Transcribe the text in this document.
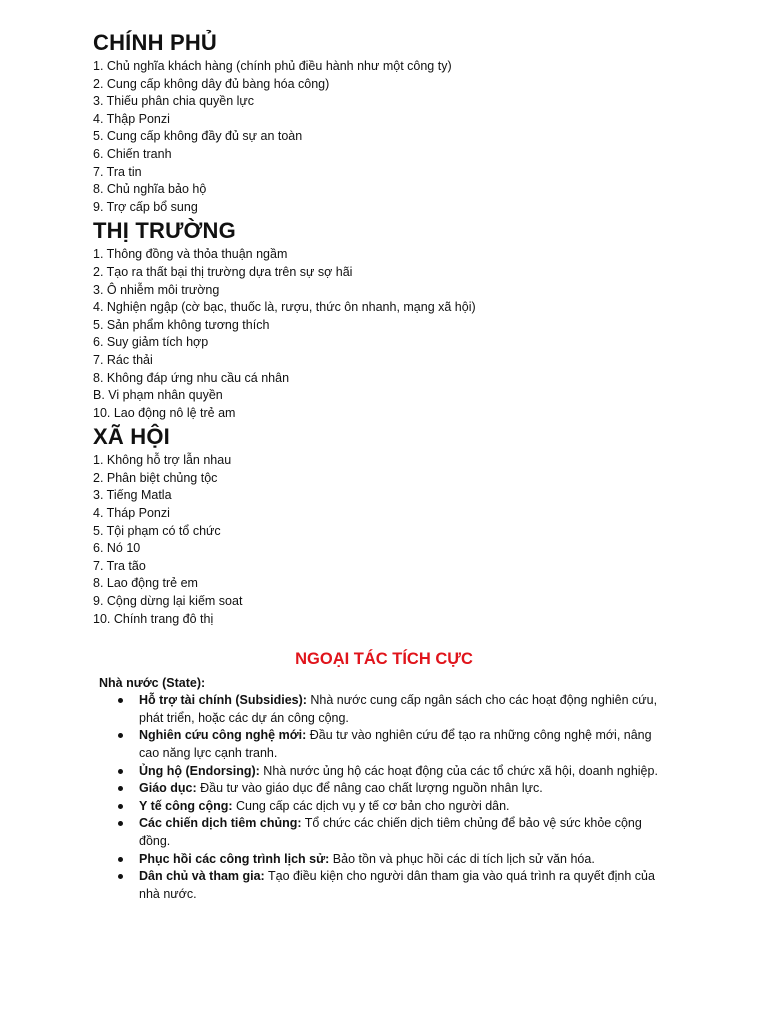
CHÍNH PHỦ
1. Chủ nghĩa khách hàng (chính phủ điều hành như một công ty)
2. Cung cấp không dây đủ bàng hóa công)
3. Thiếu phân chia quyền lực
4. Thập Ponzi
5. Cung cấp không đầy đủ sự an toàn
6. Chiến tranh
7. Tra tin
8. Chủ nghĩa bảo hộ
9. Trợ cấp bổ sung
THỊ TRƯỜNG
1. Thông đồng và thỏa thuận ngầm
2. Tạo ra thất bại thị trường dựa trên sự sợ hãi
3. Ô nhiễm môi trường
4. Nghiện ngập (cờ bạc, thuốc là, rượu, thức ôn nhanh, mạng xã hội)
5. Sản phẩm không tương thích
6. Suy giảm tích hợp
7. Rác thải
8. Không đáp ứng nhu cầu cá nhân
B. Vi phạm nhân quyền
10. Lao động nô lệ trẻ am
XÃ HỘI
1. Không hỗ trợ lẫn nhau
2. Phân biệt chủng tộc
3. Tiếng Matla
4. Tháp Ponzi
5. Tội phạm có tổ chức
6. Nó 10
7. Tra tão
8. Lao động trẻ em
9. Cộng dừng lại kiếm soat
10. Chính trang đô thị
NGOẠI TÁC TÍCH CỰC
Nhà nước (State):
Hỗ trợ tài chính (Subsidies): Nhà nước cung cấp ngân sách cho các hoạt động nghiên cứu, phát triển, hoặc các dự án công cộng.
Nghiên cứu công nghệ mới: Đầu tư vào nghiên cứu để tạo ra những công nghệ mới, nâng cao năng lực cạnh tranh.
Ủng hộ (Endorsing): Nhà nước ủng hộ các hoạt động của các tổ chức xã hội, doanh nghiệp.
Giáo dục: Đầu tư vào giáo dục để nâng cao chất lượng nguồn nhân lực.
Y tế công cộng: Cung cấp các dịch vụ y tế cơ bản cho người dân.
Các chiến dịch tiêm chủng: Tổ chức các chiến dịch tiêm chủng để bảo vệ sức khỏe cộng đồng.
Phục hồi các công trình lịch sử: Bảo tồn và phục hồi các di tích lịch sử văn hóa.
Dân chủ và tham gia: Tạo điều kiện cho người dân tham gia vào quá trình ra quyết định của nhà nước.
